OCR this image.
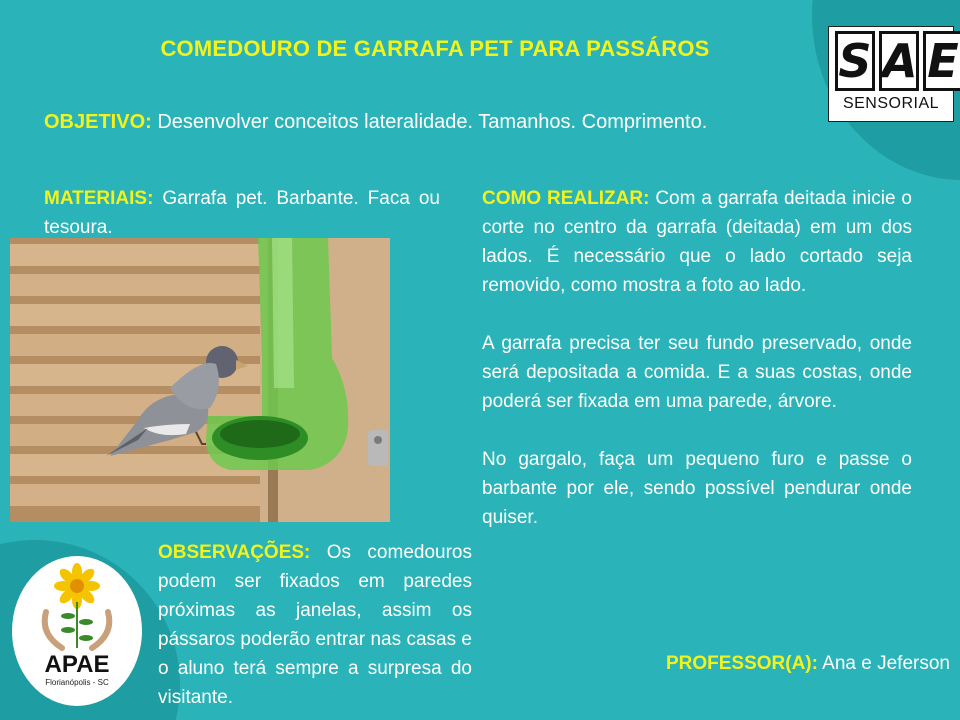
COMEDOURO DE GARRAFA PET PARA PASSÁROS
OBJETIVO: Desenvolver conceitos lateralidade. Tamanhos. Comprimento.
MATERIAIS: Garrafa pet. Barbante. Faca ou tesoura.

COMO REALIZAR: Com a garrafa deitada inicie o corte no centro da garrafa (deitada) em um dos lados. É necessário que o lado cortado seja removido, como mostra a foto ao lado.

A garrafa precisa ter seu fundo preservado, onde será depositada a comida. E a suas costas, onde poderá ser fixada em uma parede, árvore.

No gargalo, faça um pequeno furo e passe o barbante por ele, sendo possível pendurar onde quiser.

OBSERVAÇÕES: Os comedouros podem ser fixados em paredes próximas as janelas, assim os pássaros poderão entrar nas casas e o aluno terá sempre a surpresa do visitante.
PROFESSOR(A): Ana e Jeferson
S A E
SENSORIAL
APAE
Florianópolis - SC
